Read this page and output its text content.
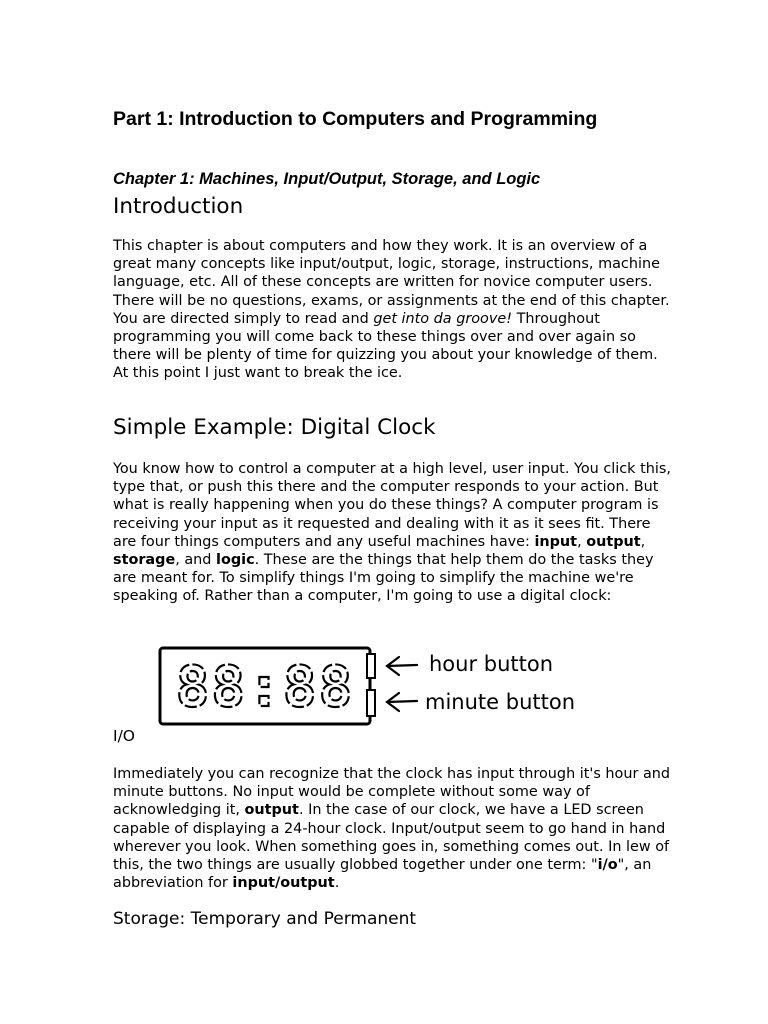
Part 1: Introduction to Computers and Programming
Chapter 1: Machines, Input/Output, Storage, and Logic
Introduction

This chapter is about computers and how they work. It is an overview of a great many concepts like input/output, logic, storage, instructions, machine language, etc. All of these concepts are written for novice computer users. There will be no questions, exams, or assignments at the end of this chapter. You are directed simply to read and get into da groove! Throughout programming you will come back to these things over and over again so there will be plenty of time for quizzing you about your knowledge of them. At this point I just want to break the ice.

Simple Example: Digital Clock

You know how to control a computer at a high level, user input. You click this, type that, or push this there and the computer responds to your action. But what is really happening when you do these things? A computer program is receiving your input as it requested and dealing with it as it sees fit. There are four things computers and any useful machines have: input, output, storage, and logic. These are the things that help them do the tasks they are meant for. To simplify things I'm going to simplify the machine we're speaking of. Rather than a computer, I'm going to use a digital clock:

88:88	hour button
minute button
I/O

Immediately you can recognize that the clock has input through it's hour and minute buttons. No input would be complete without some way of acknowledging it, output. In the case of our clock, we have a LED screen capable of displaying a 24-hour clock. Input/output seem to go hand in hand wherever you look. When something goes in, something comes out. In lew of this, the two things are usually globbed together under one term: "i/o", an abbreviation for input/output.

Storage: Temporary and Permanent
